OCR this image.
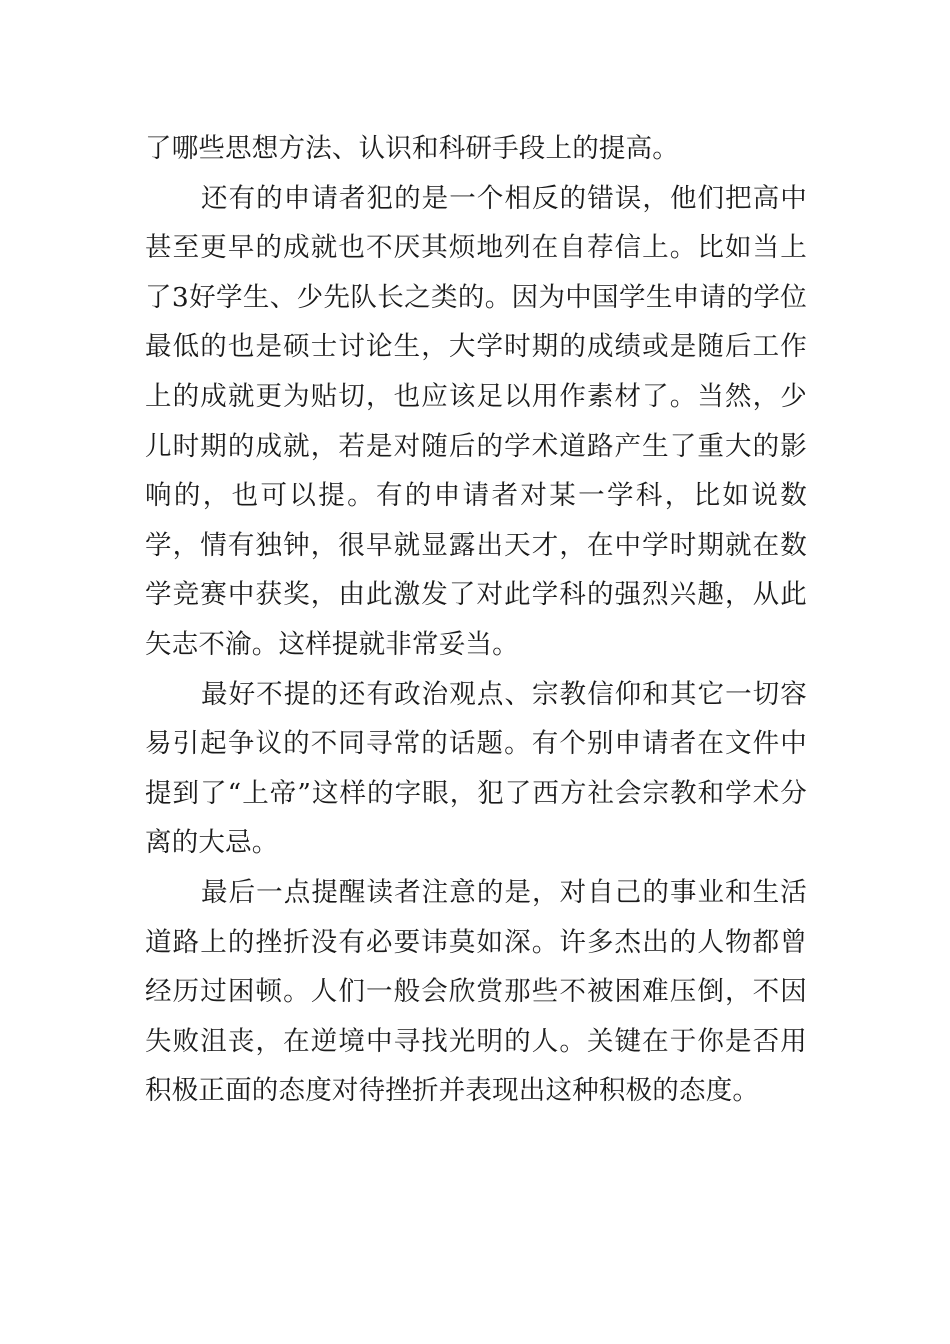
了哪些思想方法、认识和科研手段上的提高。

还有的申请者犯的是一个相反的错误，他们把高中甚至更早的成就也不厌其烦地列在自荐信上。比如当上了3好学生、少先队长之类的。因为中国学生申请的学位最低的也是硕士讨论生，大学时期的成绩或是随后工作上的成就更为贴切，也应该足以用作素材了。当然，少儿时期的成就，若是对随后的学术道路产生了重大的影响的，也可以提。有的申请者对某一学科，比如说数学，情有独钟，很早就显露出天才，在中学时期就在数学竞赛中获奖，由此激发了对此学科的强烈兴趣，从此矢志不渝。这样提就非常妥当。

最好不提的还有政治观点、宗教信仰和其它一切容易引起争议的不同寻常的话题。有个别申请者在文件中提到了“上帝”这样的字眼，犯了西方社会宗教和学术分离的大忌。

最后一点提醒读者注意的是，对自己的事业和生活道路上的挫折没有必要讳莫如深。许多杰出的人物都曾经历过困顿。人们一般会欣赏那些不被困难压倒，不因失败沮丧，在逆境中寻找光明的人。关键在于你是否用积极正面的态度对待挫折并表现出这种积极的态度。
